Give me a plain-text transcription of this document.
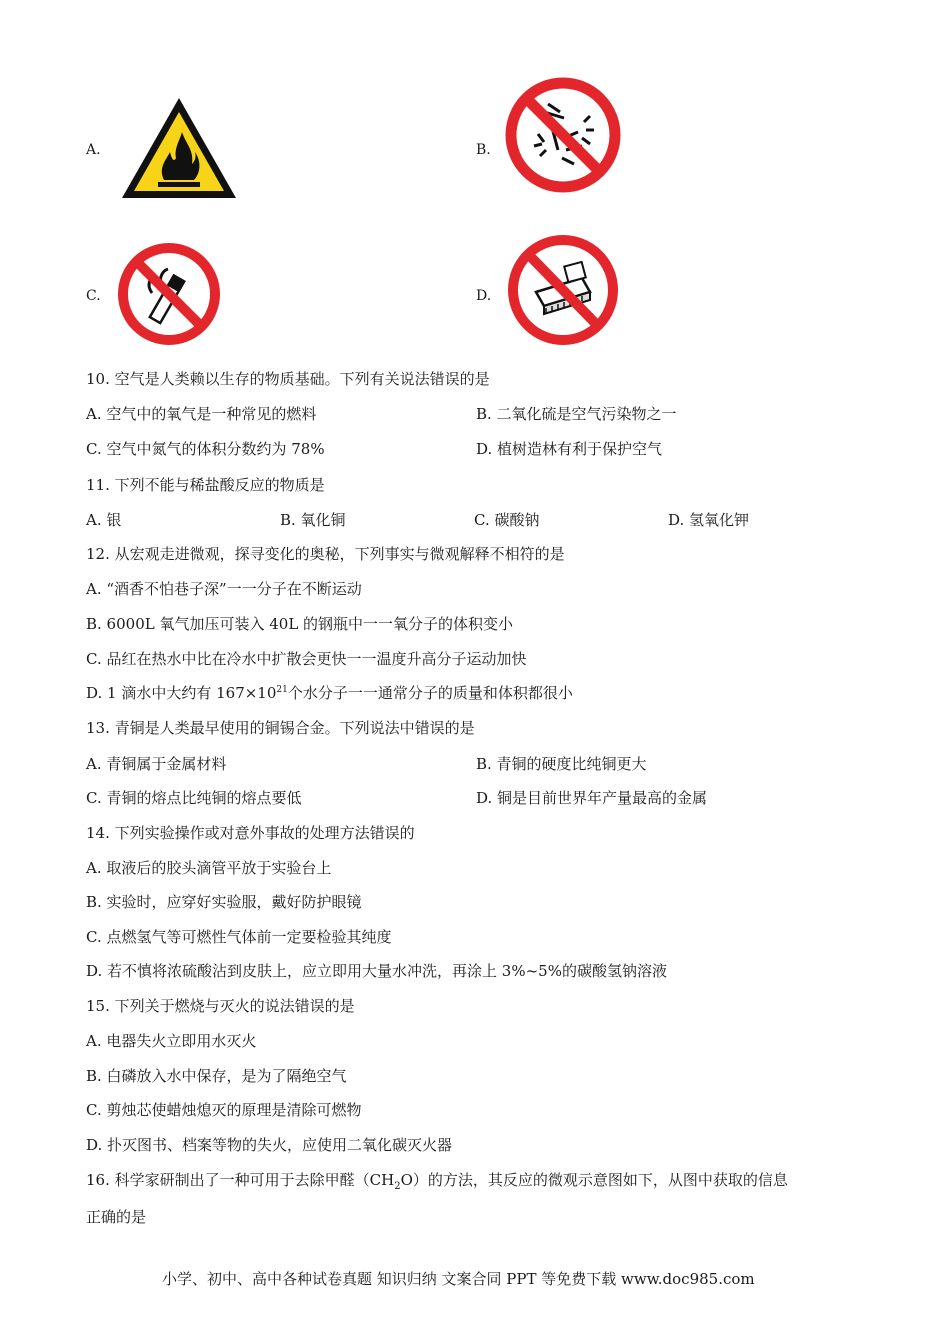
A.	B.
C.	D.
10. 空气是人类赖以生存的物质基础。下列有关说法错误的是
A. 空气中的氧气是一种常见的燃料	B. 二氧化硫是空气污染物之一
C. 空气中氮气的体积分数约为 78%	D. 植树造林有利于保护空气
11. 下列不能与稀盐酸反应的物质是
A. 银	B. 氧化铜	C. 碳酸钠	D. 氢氧化钾
12. 从宏观走进微观，探寻变化的奥秘，下列事实与微观解释不相符的是
A. “酒香不怕巷子深”一一分子在不断运动
B. 6000L 氧气加压可装入 40L 的钢瓶中一一氧分子的体积变小
C. 品红在热水中比在冷水中扩散会更快一一温度升高分子运动加快
D. 1 滴水中大约有 $167\times 10^{21}$个水分子一一通常分子的质量和体积都很小
13. 青铜是人类最早使用的铜锡合金。下列说法中错误的是
A. 青铜属于金属材料	B. 青铜的硬度比纯铜更大
C. 青铜的熔点比纯铜的熔点要低	D. 铜是目前世界年产量最高的金属
14. 下列实验操作或对意外事故的处理方法错误的
A. 取液后的胶头滴管平放于实验台上
B. 实验时，应穿好实验服，戴好防护眼镜
C. 点燃氢气等可燃性气体前一定要检验其纯度
D. 若不慎将浓硫酸沾到皮肤上，应立即用大量水冲洗，再涂上 3%~5%的碳酸氢钠溶液
15. 下列关于燃烧与灭火的说法错误的是
A. 电器失火立即用水灭火
B. 白磷放入水中保存，是为了隔绝空气
C. 剪烛芯使蜡烛熄灭的原理是清除可燃物
D. 扑灭图书、档案等物的失火，应使用二氧化碳灭火器
16. 科学家研制出了一种可用于去除甲醛$(CH_2O)$的方法，其反应的微观示意图如下，从图中获取的信息
正确的是
小学、初中、高中各种试卷真题 知识归纳 文案合同 PPT 等免费下载 www.doc985.com
